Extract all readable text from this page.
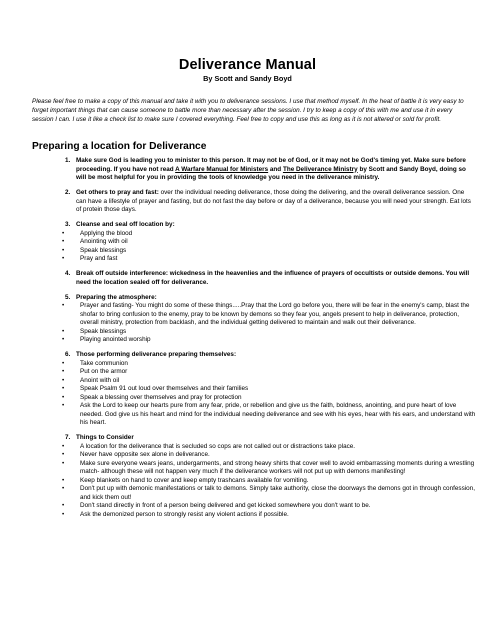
Deliverance Manual
By Scott and Sandy Boyd

Please feel free to make a copy of this manual and take it with you to deliverance sessions. I use that method myself. In the heat of battle it is very easy to forget important things that can cause someone to battle more than necessary after the session. I try to keep a copy of this with me and use it in every session I can. I use it like a check list to make sure I covered everything. Feel free to copy and use this as long as it is not altered or sold for profit.

Preparing a location for Deliverance
1. Make sure God is leading you to minister to this person. It may not be of God, or it may not be God's timing yet. Make sure before proceeding. If you have not read A Warfare Manual for Ministers and The Deliverance Ministry by Scott and Sandy Boyd, doing so will be most helpful for you in providing the tools of knowledge you need in the deliverance ministry.
2. Get others to pray and fast: over the individual needing deliverance, those doing the delivering, and the overall deliverance session. One can have a lifestyle of prayer and fasting, but do not fast the day before or day of a deliverance, because you will need your strength. Eat lots of protein those days.
3. Cleanse and seal off location by:
• Applying the blood
• Anointing with oil
• Speak blessings
• Pray and fast
4. Break off outside interference: wickedness in the heavenlies and the influence of prayers of occultists or outside demons. You will need the location sealed off for deliverance.
5. Preparing the atmosphere:
• Prayer and fasting- You might do some of these things.....Pray that the Lord go before you, there will be fear in the enemy's camp, blast the shofar to bring confusion to the enemy, pray to be known by demons so they fear you, angels present to help in deliverance, protection, overall ministry, protection from backlash, and the individual getting delivered to maintain and walk out their deliverance.
• Speak blessings
• Playing anointed worship
6. Those performing deliverance preparing themselves:
• Take communion
• Put on the armor
• Anoint with oil
• Speak Psalm 91 out loud over themselves and their families
• Speak a blessing over themselves and pray for protection
• Ask the Lord to keep our hearts pure from any fear, pride, or rebellion and give us the faith, boldness, anointing, and pure heart of love needed. God give us his heart and mind for the individual needing deliverance and see with his eyes, hear with his ears, and understand with his heart.
7. Things to Consider
• A location for the deliverance that is secluded so cops are not called out or distractions take place.
• Never have opposite sex alone in deliverance.
• Make sure everyone wears jeans, undergarments, and strong heavy shirts that cover well to avoid embarrassing moments during a wrestling match- although these will not happen very much if the deliverance workers will not put up with demons manifesting!
• Keep blankets on hand to cover and keep empty trashcans available for vomiting.
• Don't put up with demonic manifestations or talk to demons. Simply take authority, close the doorways the demons got in through confession, and kick them out!
• Don't stand directly in front of a person being delivered and get kicked somewhere you don't want to be.
• Ask the demonized person to strongly resist any violent actions if possible.
